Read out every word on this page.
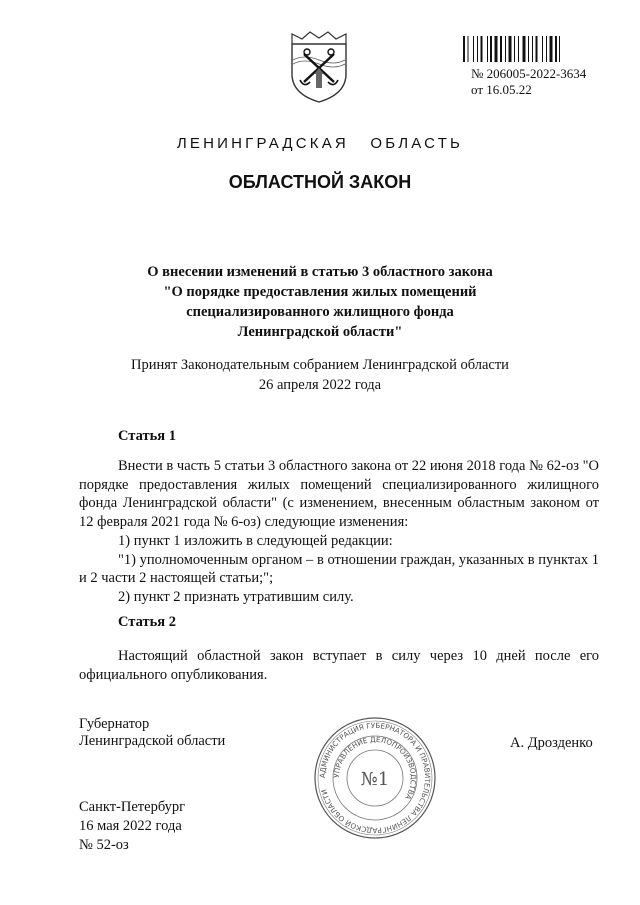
№ 206005-2022-3634
от 16.05.22
ЛЕНИНГРАДСКАЯ ОБЛАСТЬ
ОБЛАСТНОЙ ЗАКОН
О внесении изменений в статью 3 областного закона
"О порядке предоставления жилых помещений
специализированного жилищного фонда
Ленинградской области"
Принят Законодательным собранием Ленинградской области
26 апреля 2022 года
Статья 1

Внести в часть 5 статьи 3 областного закона от 22 июня 2018 года № 62-оз "О порядке предоставления жилых помещений специализированного жилищного фонда Ленинградской области" (с изменением, внесенным областным законом от 12 февраля 2021 года № 6-оз) следующие изменения:

1) пункт 1 изложить в следующей редакции:

"1) уполномоченным органом – в отношении граждан, указанных в пунктах 1 и 2 части 2 настоящей статьи;";

2) пункт 2 признать утратившим силу.

Статья 2

Настоящий областной закон вступает в силу через 10 дней после его официального опубликования.

Губернатор
Ленинградской области	А. Дрозденко
АДМИНИСТРАЦИЯ ГУБЕРНАТОРА И ПРАВИТЕЛЬСТВА ЛЕНИНГРАДСКОЙ ОБЛАСТИ
УПРАВЛЕНИЕ ДЕЛОПРОИЗВОДСТВА
№1
Санкт-Петербург
16 мая 2022 года
№ 52-оз
